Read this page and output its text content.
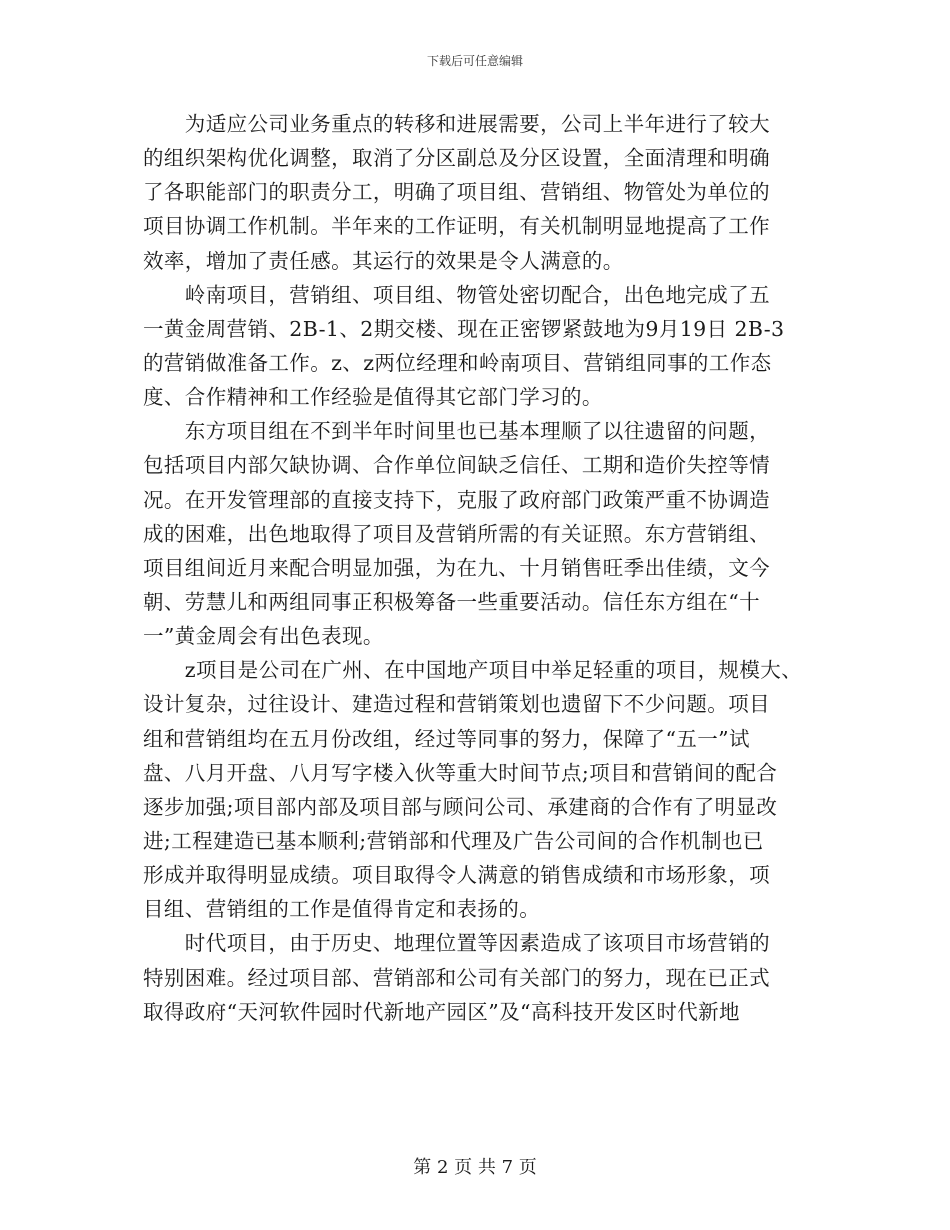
下载后可任意编辑
　　为适应公司业务重点的转移和进展需要，公司上半年进行了较大
的组织架构优化调整，取消了分区副总及分区设置，全面清理和明确
了各职能部门的职责分工，明确了项目组、营销组、物管处为单位的
项目协调工作机制。半年来的工作证明，有关机制明显地提高了工作
效率，增加了责任感。其运行的效果是令人满意的。
　　岭南项目，营销组、项目组、物管处密切配合，出色地完成了五
一黄金周营销、2B-1、2期交楼、现在正密锣紧鼓地为9月19日 2B-3
的营销做准备工作。z、z两位经理和岭南项目、营销组同事的工作态
度、合作精神和工作经验是值得其它部门学习的。
　　东方项目组在不到半年时间里也已基本理顺了以往遗留的问题，
包括项目内部欠缺协调、合作单位间缺乏信任、工期和造价失控等情
况。在开发管理部的直接支持下，克服了政府部门政策严重不协调造
成的困难，出色地取得了项目及营销所需的有关证照。东方营销组、
项目组间近月来配合明显加强，为在九、十月销售旺季出佳绩，文今
朝、劳慧儿和两组同事正积极筹备一些重要活动。信任东方组在“十
一”黄金周会有出色表现。
　　z项目是公司在广州、在中国地产项目中举足轻重的项目，规模大、
设计复杂，过往设计、建造过程和营销策划也遗留下不少问题。项目
组和营销组均在五月份改组，经过等同事的努力，保障了“五一”试
盘、八月开盘、八月写字楼入伙等重大时间节点;项目和营销间的配合
逐步加强;项目部内部及项目部与顾问公司、承建商的合作有了明显改
进;工程建造已基本顺利;营销部和代理及广告公司间的合作机制也已
形成并取得明显成绩。项目取得令人满意的销售成绩和市场形象，项
目组、营销组的工作是值得肯定和表扬的。
　　时代项目，由于历史、地理位置等因素造成了该项目市场营销的
特别困难。经过项目部、营销部和公司有关部门的努力，现在已正式
取得政府“天河软件园时代新地产园区”及“高科技开发区时代新地
第 2 页 共 7 页
